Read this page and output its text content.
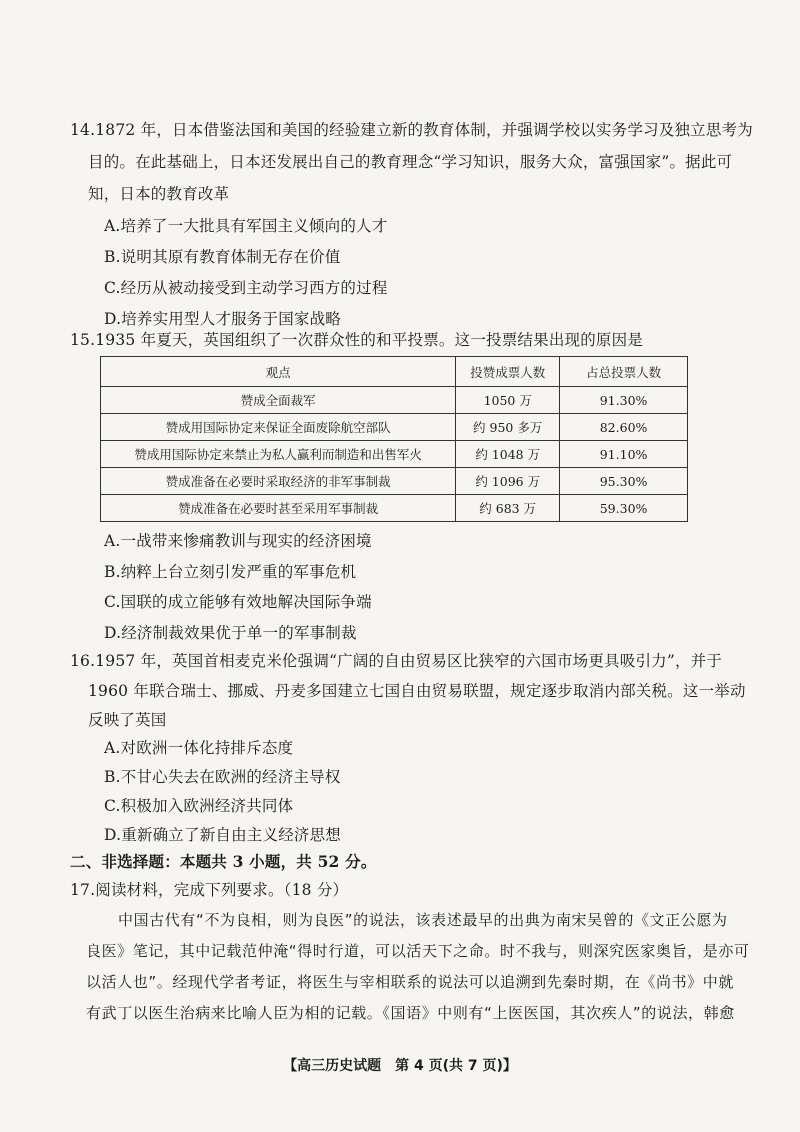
14.1872 年，日本借鉴法国和美国的经验建立新的教育体制，并强调学校以实务学习及独立思考为
目的。在此基础上，日本还发展出自己的教育理念“学习知识，服务大众，富强国家”。据此可
知，日本的教育改革
A.培养了一大批具有军国主义倾向的人才
B.说明其原有教育体制无存在价值
C.经历从被动接受到主动学习西方的过程
D.培养实用型人才服务于国家战略
15.1935 年夏天，英国组织了一次群众性的和平投票。这一投票结果出现的原因是
观点	投赞成票人数	占总投票人数
赞成全面裁军	1050 万	91.30%
赞成用国际协定来保证全面废除航空部队	约 950 多万	82.60%
赞成用国际协定来禁止为私人赢利而制造和出售军火	约 1048 万	91.10%
赞成准备在必要时采取经济的非军事制裁	约 1096 万	95.30%
赞成准备在必要时甚至采用军事制裁	约 683 万	59.30%
A.一战带来惨痛教训与现实的经济困境
B.纳粹上台立刻引发严重的军事危机
C.国联的成立能够有效地解决国际争端
D.经济制裁效果优于单一的军事制裁
16.1957 年，英国首相麦克米伦强调“广阔的自由贸易区比狭窄的六国市场更具吸引力”，并于
1960 年联合瑞士、挪威、丹麦多国建立七国自由贸易联盟，规定逐步取消内部关税。这一举动
反映了英国
A.对欧洲一体化持排斥态度
B.不甘心失去在欧洲的经济主导权
C.积极加入欧洲经济共同体
D.重新确立了新自由主义经济思想
二、非选择题：本题共 3 小题，共 52 分。
17.阅读材料，完成下列要求。（18 分）
中国古代有“不为良相，则为良医”的说法，该表述最早的出典为南宋吴曾的《文正公愿为
良医》笔记，其中记载范仲淹“得时行道，可以活天下之命。时不我与，则深究医家奥旨，是亦可
以活人也”。经现代学者考证，将医生与宰相联系的说法可以追溯到先秦时期，在《尚书》中就
有武丁以医生治病来比喻人臣为相的记载。《国语》中则有“上医医国，其次疾人”的说法，韩愈
【高三历史试题　第 4 页(共 7 页)】
